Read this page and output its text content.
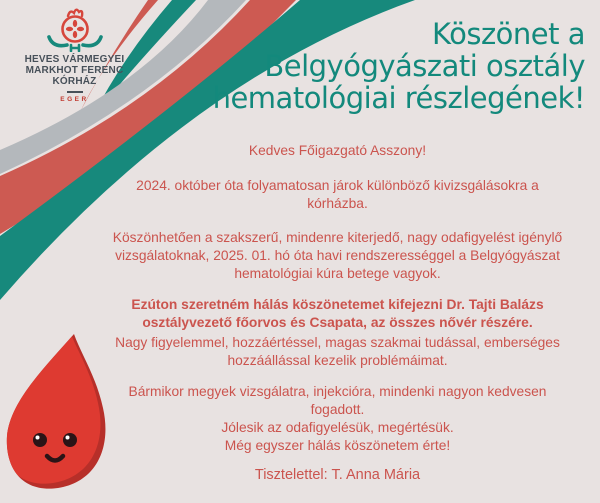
HEVES VÁRMEGYEI
MARKHOT FERENC
KÓRHÁZ
EGER
Köszönet a
Belgyógyászati osztály
hematológiai részlegének!
Kedves Főigazgató Asszony!
2024. október óta folyamatosan járok különböző kivizsgálásokra a
kórházba.
Köszönhetően a szakszerű, mindenre kiterjedő, nagy odafigyelést igénylő
vizsgálatoknak, 2025. 01. hó óta havi rendszerességgel a Belgyógyászat
hematológiai kúra betege vagyok.
Ezúton szeretném hálás köszönetemet kifejezni Dr. Tajti Balázs
osztályvezető főorvos és Csapata, az összes nővér részére.
Nagy figyelemmel, hozzáértéssel, magas szakmai tudással, emberséges
hozzáállással kezelik problémáimat.
Bármikor megyek vizsgálatra, injekcióra, mindenki nagyon kedvesen
fogadott.
Jólesik az odafigyelésük, megértésük.
Még egyszer hálás köszönetem érte!
Tisztelettel: T. Anna Mária
